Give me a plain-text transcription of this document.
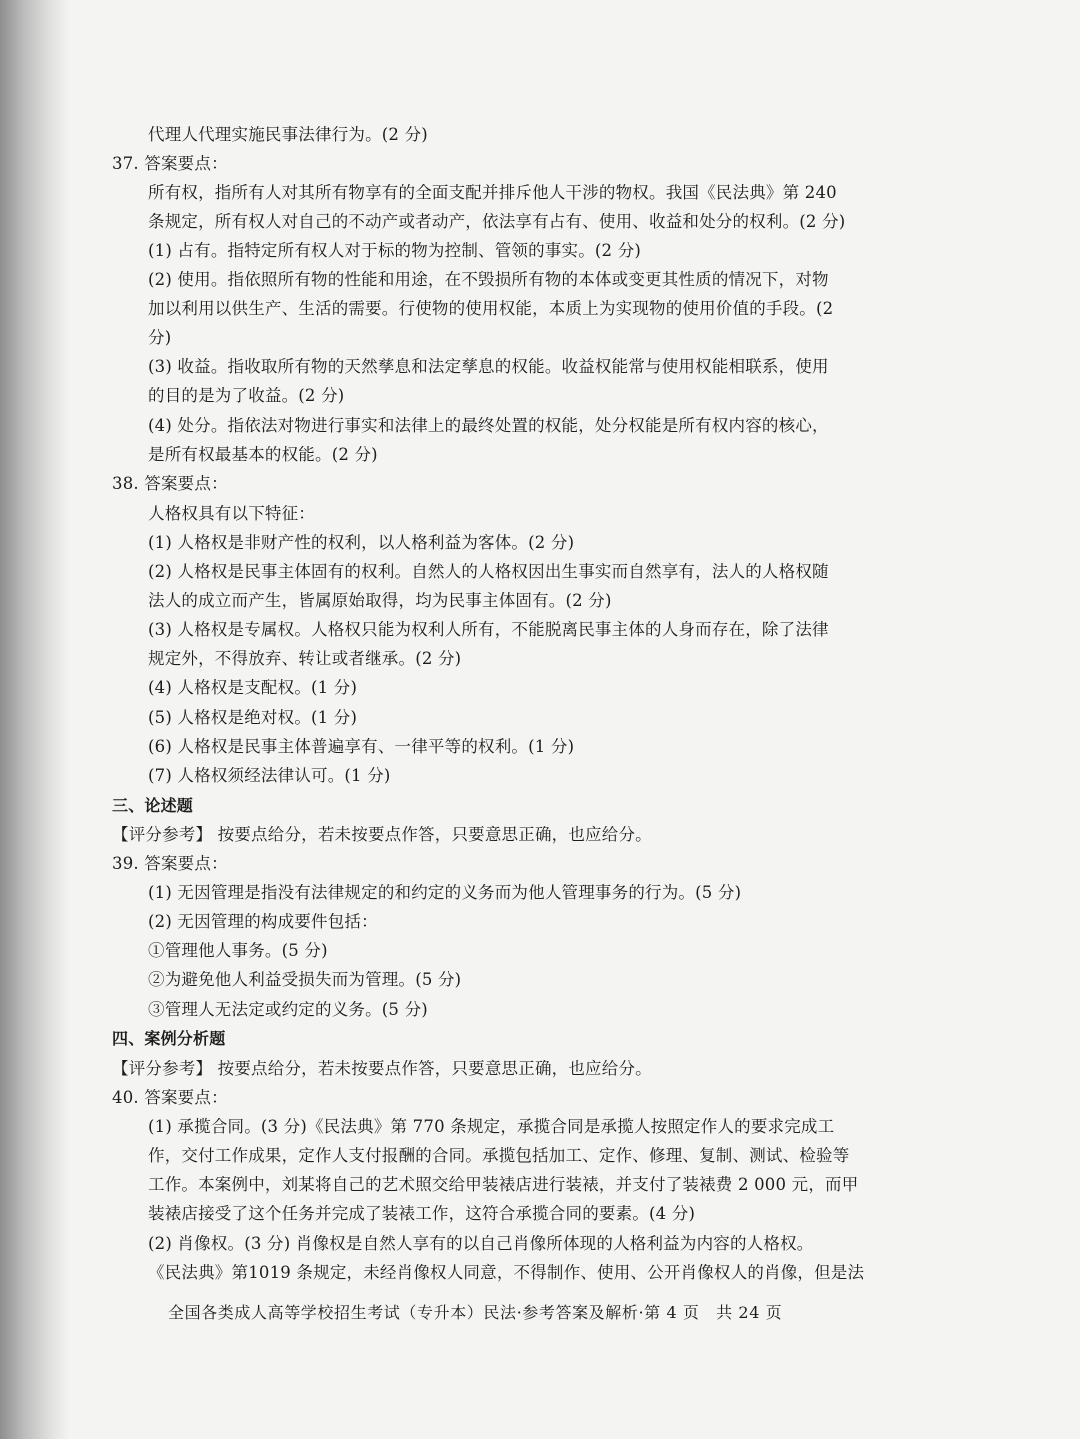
代理人代理实施民事法律行为。(2 分)
37. 答案要点：
所有权，指所有人对其所有物享有的全面支配并排斥他人干涉的物权。我国《民法典》第 240
条规定，所有权人对自己的不动产或者动产，依法享有占有、使用、收益和处分的权利。(2 分)
(1) 占有。指特定所有权人对于标的物为控制、管领的事实。(2 分)
(2) 使用。指依照所有物的性能和用途，在不毁损所有物的本体或变更其性质的情况下，对物
加以利用以供生产、生活的需要。行使物的使用权能，本质上为实现物的使用价值的手段。(2
分)
(3) 收益。指收取所有物的天然孳息和法定孳息的权能。收益权能常与使用权能相联系，使用
的目的是为了收益。(2 分)
(4) 处分。指依法对物进行事实和法律上的最终处置的权能，处分权能是所有权内容的核心，
是所有权最基本的权能。(2 分)
38. 答案要点：
人格权具有以下特征：
(1) 人格权是非财产性的权利，以人格利益为客体。(2 分)
(2) 人格权是民事主体固有的权利。自然人的人格权因出生事实而自然享有，法人的人格权随
法人的成立而产生，皆属原始取得，均为民事主体固有。(2 分)
(3) 人格权是专属权。人格权只能为权利人所有，不能脱离民事主体的人身而存在，除了法律
规定外，不得放弃、转让或者继承。(2 分)
(4) 人格权是支配权。(1 分)
(5) 人格权是绝对权。(1 分)
(6) 人格权是民事主体普遍享有、一律平等的权利。(1 分)
(7) 人格权须经法律认可。(1 分)
三、论述题
【评分参考】 按要点给分，若未按要点作答，只要意思正确，也应给分。
39. 答案要点：
(1) 无因管理是指没有法律规定的和约定的义务而为他人管理事务的行为。(5 分)
(2) 无因管理的构成要件包括：
①管理他人事务。(5 分)
②为避免他人利益受损失而为管理。(5 分)
③管理人无法定或约定的义务。(5 分)
四、案例分析题
【评分参考】 按要点给分，若未按要点作答，只要意思正确，也应给分。
40. 答案要点：
(1) 承揽合同。(3 分)《民法典》第 770 条规定，承揽合同是承揽人按照定作人的要求完成工
作，交付工作成果，定作人支付报酬的合同。承揽包括加工、定作、修理、复制、测试、检验等
工作。本案例中，刘某将自己的艺术照交给甲装裱店进行装裱，并支付了装裱费 2 000 元，而甲
装裱店接受了这个任务并完成了装裱工作，这符合承揽合同的要素。(4 分)
(2) 肖像权。(3 分) 肖像权是自然人享有的以自己肖像所体现的人格利益为内容的人格权。
《民法典》第1019 条规定，未经肖像权人同意，不得制作、使用、公开肖像权人的肖像，但是法
全国各类成人高等学校招生考试（专升本）民法·参考答案及解析·第 4 页　共 24 页
